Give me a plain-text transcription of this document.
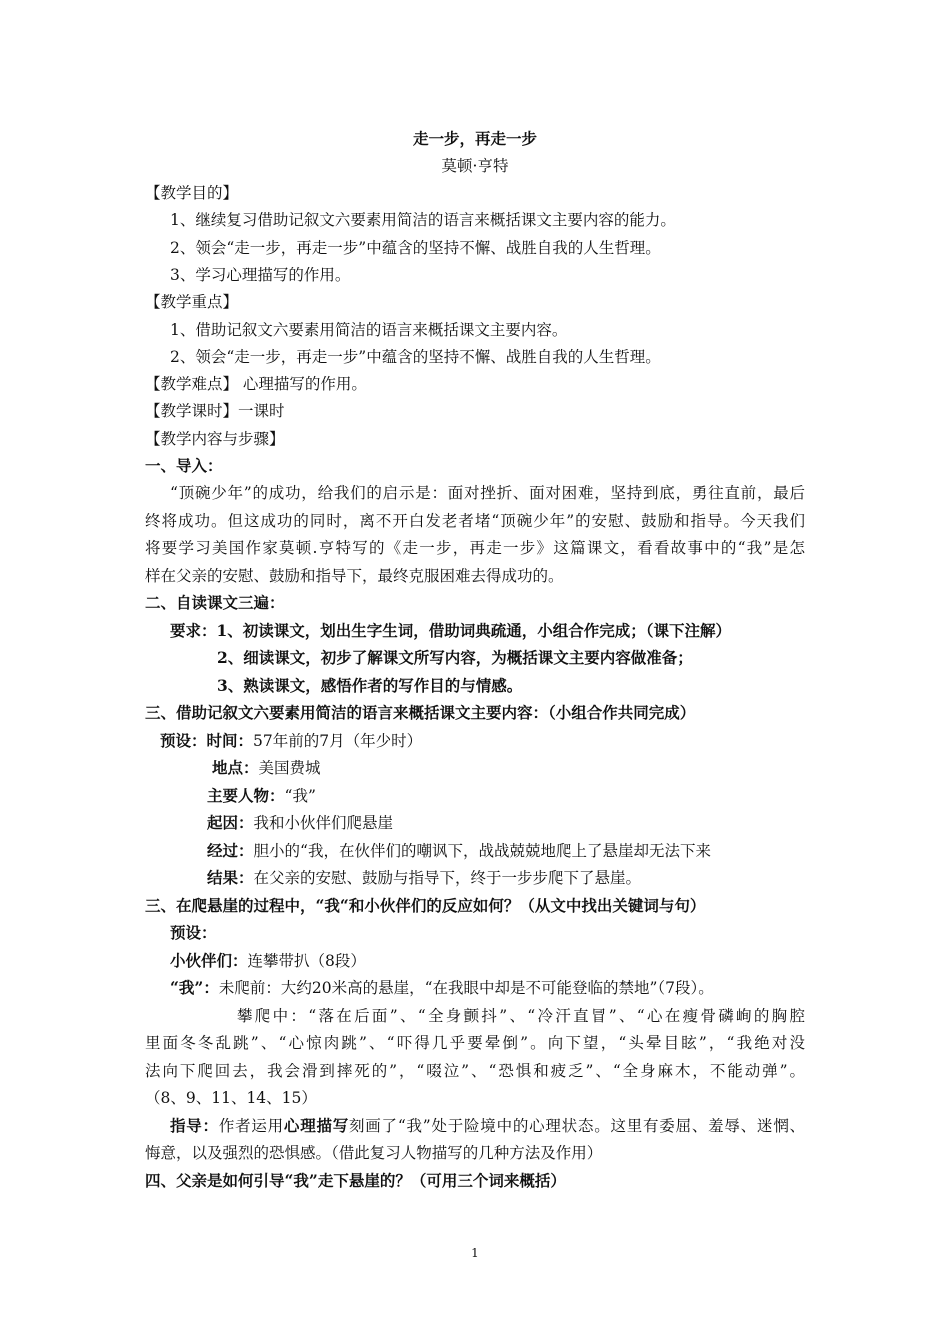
走一步，再走一步
莫顿·亨特
【教学目的】
1、继续复习借助记叙文六要素用简洁的语言来概括课文主要内容的能力。
2、领会“走一步，再走一步”中蕴含的坚持不懈、战胜自我的人生哲理。
3、学习心理描写的作用。
【教学重点】
1、借助记叙文六要素用简洁的语言来概括课文主要内容。
2、领会“走一步，再走一步”中蕴含的坚持不懈、战胜自我的人生哲理。
【教学难点】 心理描写的作用。
【教学课时】一课时
【教学内容与步骤】
一、导入：
“顶碗少年”的成功，给我们的启示是：面对挫折、面对困难，坚持到底，勇往直前，最后
终将成功。但这成功的同时，离不开白发老者堵“顶碗少年”的安慰、鼓励和指导。今天我们
将要学习美国作家莫顿.亨特写的《走一步，再走一步》这篇课文，看看故事中的“我”是怎
样在父亲的安慰、鼓励和指导下，最终克服困难去得成功的。
二、自读课文三遍：
要求：1、初读课文，划出生字生词，借助词典疏通，小组合作完成；（课下注解）
2、细读课文，初步了解课文所写内容，为概括课文主要内容做准备；
3、熟读课文，感悟作者的写作目的与情感。
三、借助记叙文六要素用简洁的语言来概括课文主要内容：（小组合作共同完成）
预设：时间：57年前的7月（年少时）
地点：美国费城
主要人物：“我”
起因：我和小伙伴们爬悬崖
经过：胆小的“我，在伙伴们的嘲讽下，战战兢兢地爬上了悬崖却无法下来
结果：在父亲的安慰、鼓励与指导下，终于一步步爬下了悬崖。
三、在爬悬崖的过程中，“我“和小伙伴们的反应如何？（从文中找出关键词与句）
预设：
小伙伴们：连攀带扒（8段）
“我”：未爬前：大约20米高的悬崖，“在我眼中却是不可能登临的禁地”（7段）。
攀爬中：“落在后面”、“全身颤抖”、“冷汗直冒”、“心在瘦骨磷峋的胸腔
里面冬冬乱跳”、“心惊肉跳”、“吓得几乎要晕倒”。向下望，“头晕目眩”，“我绝对没
法向下爬回去，我会滑到摔死的”，“啜泣”、“恐惧和疲乏”、“全身麻木，不能动弹”。
（8、9、11、14、15）
指导：作者运用心理描写刻画了“我”处于险境中的心理状态。这里有委屈、羞辱、迷惘、
悔意，以及强烈的恐惧感。（借此复习人物描写的几种方法及作用）
四、父亲是如何引导“我”走下悬崖的？（可用三个词来概括）
1
